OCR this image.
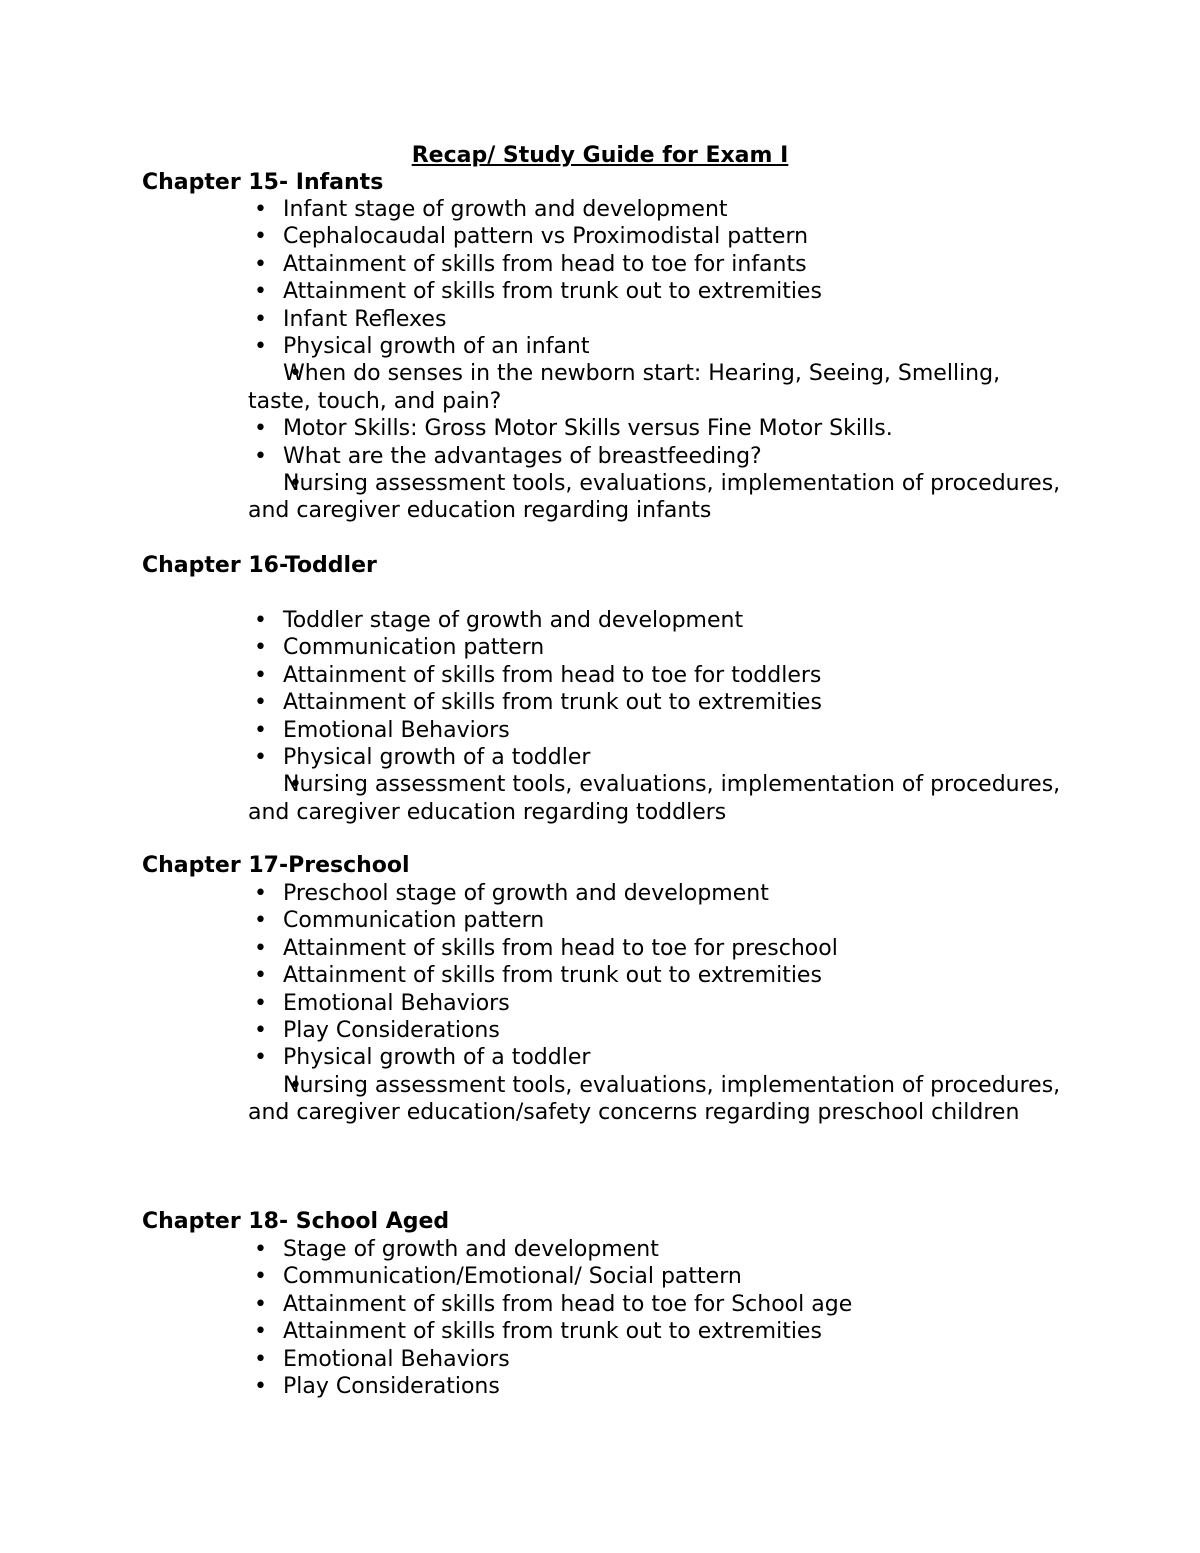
Recap/ Study Guide for Exam I
Chapter 15- Infants
• Infant stage of growth and development
• Cephalocaudal pattern vs Proximodistal pattern
• Attainment of skills from head to toe for infants
• Attainment of skills from trunk out to extremities
• Infant Reflexes
• Physical growth of an infant
• When do senses in the newborn start: Hearing, Seeing, Smelling, taste, touch, and pain?
• Motor Skills: Gross Motor Skills versus Fine Motor Skills.
• What are the advantages of breastfeeding?
• Nursing assessment tools, evaluations, implementation of procedures, and caregiver education regarding infants
Chapter 16-Toddler
• Toddler stage of growth and development
• Communication pattern
• Attainment of skills from head to toe for toddlers
• Attainment of skills from trunk out to extremities
• Emotional Behaviors
• Physical growth of a toddler
• Nursing assessment tools, evaluations, implementation of procedures, and caregiver education regarding toddlers
Chapter 17-Preschool
• Preschool stage of growth and development
• Communication pattern
• Attainment of skills from head to toe for preschool
• Attainment of skills from trunk out to extremities
• Emotional Behaviors
• Play Considerations
• Physical growth of a toddler
• Nursing assessment tools, evaluations, implementation of procedures, and caregiver education/safety concerns regarding preschool children
Chapter 18- School Aged
• Stage of growth and development
• Communication/Emotional/ Social pattern
• Attainment of skills from head to toe for School age
• Attainment of skills from trunk out to extremities
• Emotional Behaviors
• Play Considerations
